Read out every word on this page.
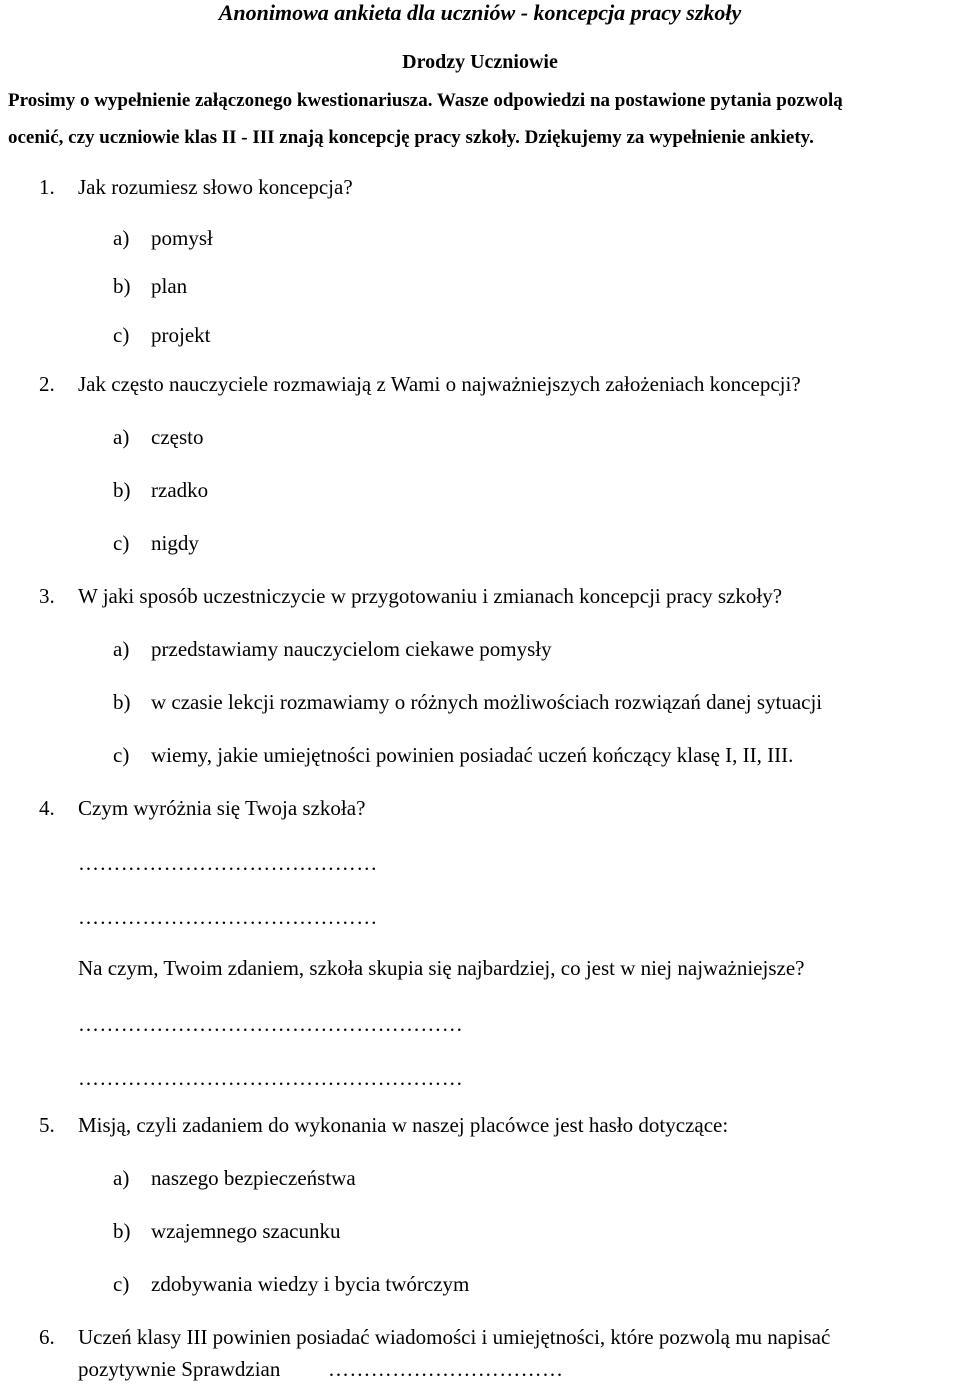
Anonimowa ankieta dla uczniów - koncepcja pracy szkoły
Drodzy Uczniowie
Prosimy o wypełnienie załączonego kwestionariusza. Wasze odpowiedzi na postawione pytania pozwolą
ocenić, czy uczniowie klas II - III znają koncepcję pracy szkoły. Dziękujemy za wypełnienie ankiety.
1. Jak rozumiesz słowo koncepcja?
a) pomysł
b) plan
c) projekt
2. Jak często nauczyciele rozmawiają z Wami o najważniejszych założeniach koncepcji?
a) często
b) rzadko
c) nigdy
3. W jaki sposób uczestniczycie w przygotowaniu i zmianach koncepcji pracy szkoły?
a) przedstawiamy nauczycielom ciekawe pomysły
b) w czasie lekcji rozmawiamy o różnych możliwościach rozwiązań danej sytuacji
c) wiemy, jakie umiejętności powinien posiadać uczeń kończący klasę I, II, III.
4. Czym wyróżnia się Twoja szkoła?
……………………………………
……………………………………
Na czym, Twoim zdaniem, szkoła skupia się najbardziej, co jest w niej najważniejsze?
………………………………………………
………………………………………………
5. Misją, czyli zadaniem do wykonania w naszej placówce jest hasło dotyczące:
a) naszego bezpieczeństwa
b) wzajemnego szacunku
c) zdobywania wiedzy i bycia twórczym
6. Uczeń klasy III powinien posiadać wiadomości i umiejętności, które pozwolą mu napisać
pozytywnie Sprawdzian ……………………………
